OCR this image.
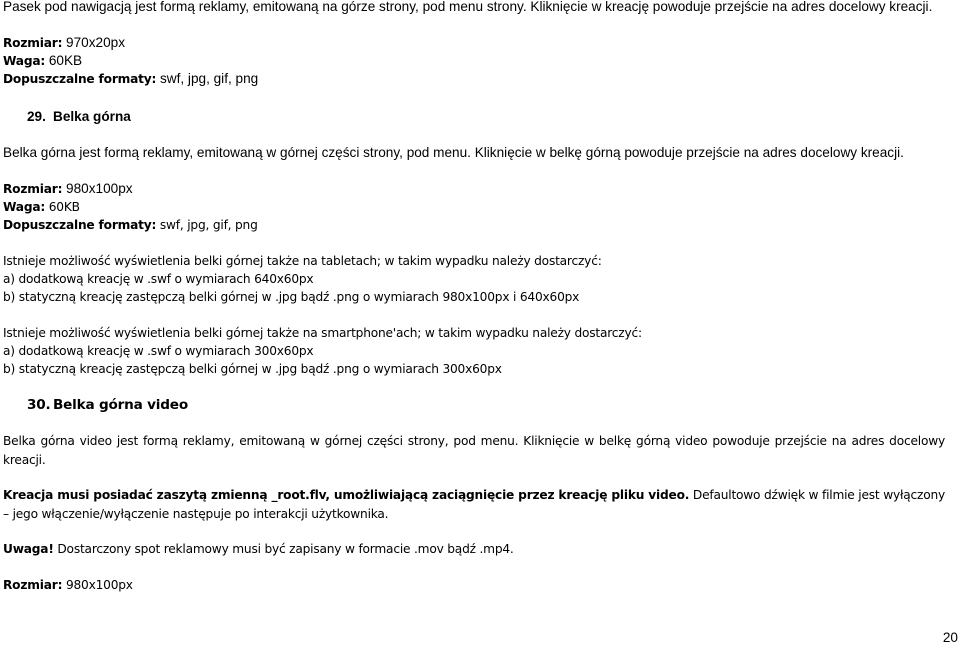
Pasek pod nawigacją jest formą reklamy, emitowaną na górze strony, pod menu strony. Kliknięcie w kreację powoduje przejście na adres docelowy kreacji.
Rozmiar: 970x20px
Waga: 60KB
Dopuszczalne formaty: swf, jpg, gif, png
29. Belka górna
Belka górna jest formą reklamy, emitowaną w górnej części strony, pod menu. Kliknięcie w belkę górną powoduje przejście na adres docelowy kreacji.
Rozmiar: 980x100px
Waga: 60KB
Dopuszczalne formaty: swf, jpg, gif, png
Istnieje możliwość wyświetlenia belki górnej także na tabletach; w takim wypadku należy dostarczyć:
a) dodatkową kreację w .swf o wymiarach 640x60px
b) statyczną kreację zastępczą belki górnej w .jpg bądź .png o wymiarach 980x100px i 640x60px
Istnieje możliwość wyświetlenia belki górnej także na smartphone'ach; w takim wypadku należy dostarczyć:
a) dodatkową kreację w .swf o wymiarach 300x60px
b) statyczną kreację zastępczą belki górnej w .jpg bądź .png o wymiarach 300x60px
30. Belka górna video
Belka górna video jest formą reklamy, emitowaną w górnej części strony, pod menu. Kliknięcie w belkę górną video powoduje przejście na adres docelowy kreacji.
Kreacja musi posiadać zaszytą zmienną _root.flv, umożliwiającą zaciągnięcie przez kreację pliku video. Defaultowo dźwięk w filmie jest wyłączony – jego włączenie/wyłączenie następuje po interakcji użytkownika.
Uwaga! Dostarczony spot reklamowy musi być zapisany w formacie .mov bądź .mp4.
Rozmiar: 980x100px
20
